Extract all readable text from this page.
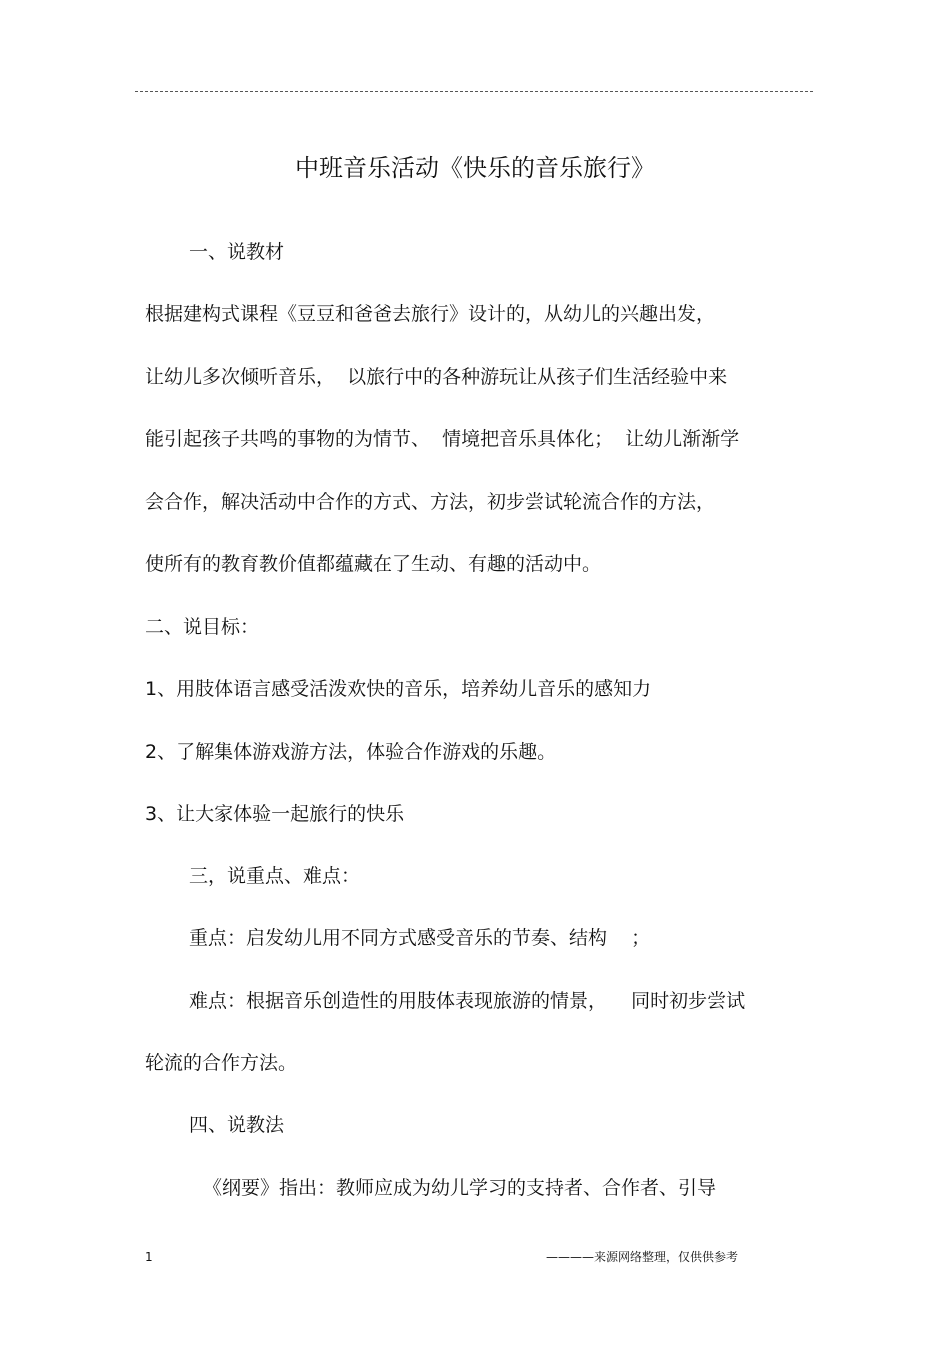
中班音乐活动《快乐的音乐旅行》
一、说教材
根据建构式课程《豆豆和爸爸去旅行》设计的，从幼儿的兴趣出发，
让幼儿多次倾听音乐，  以旅行中的各种游玩让从孩子们生活经验中来
能引起孩子共鸣的事物的为情节、  情境把音乐具体化；  让幼儿渐渐学
会合作，解决活动中合作的方式、方法，初步尝试轮流合作的方法，
使所有的教育教价值都蕴藏在了生动、有趣的活动中。
二、说目标：
1、用肢体语言感受活泼欢快的音乐，培养幼儿音乐的感知力
2、了解集体游戏游方法，体验合作游戏的乐趣。
3、让大家体验一起旅行的快乐
三，说重点、难点：
重点：启发幼儿用不同方式感受音乐的节奏、结构    ；
难点：根据音乐创造性的用肢体表现旅游的情景，    同时初步尝试
轮流的合作方法。
四、说教法
《纲要》指出：教师应成为幼儿学习的支持者、合作者、引导
1	————来源网络整理，仅供供参考
